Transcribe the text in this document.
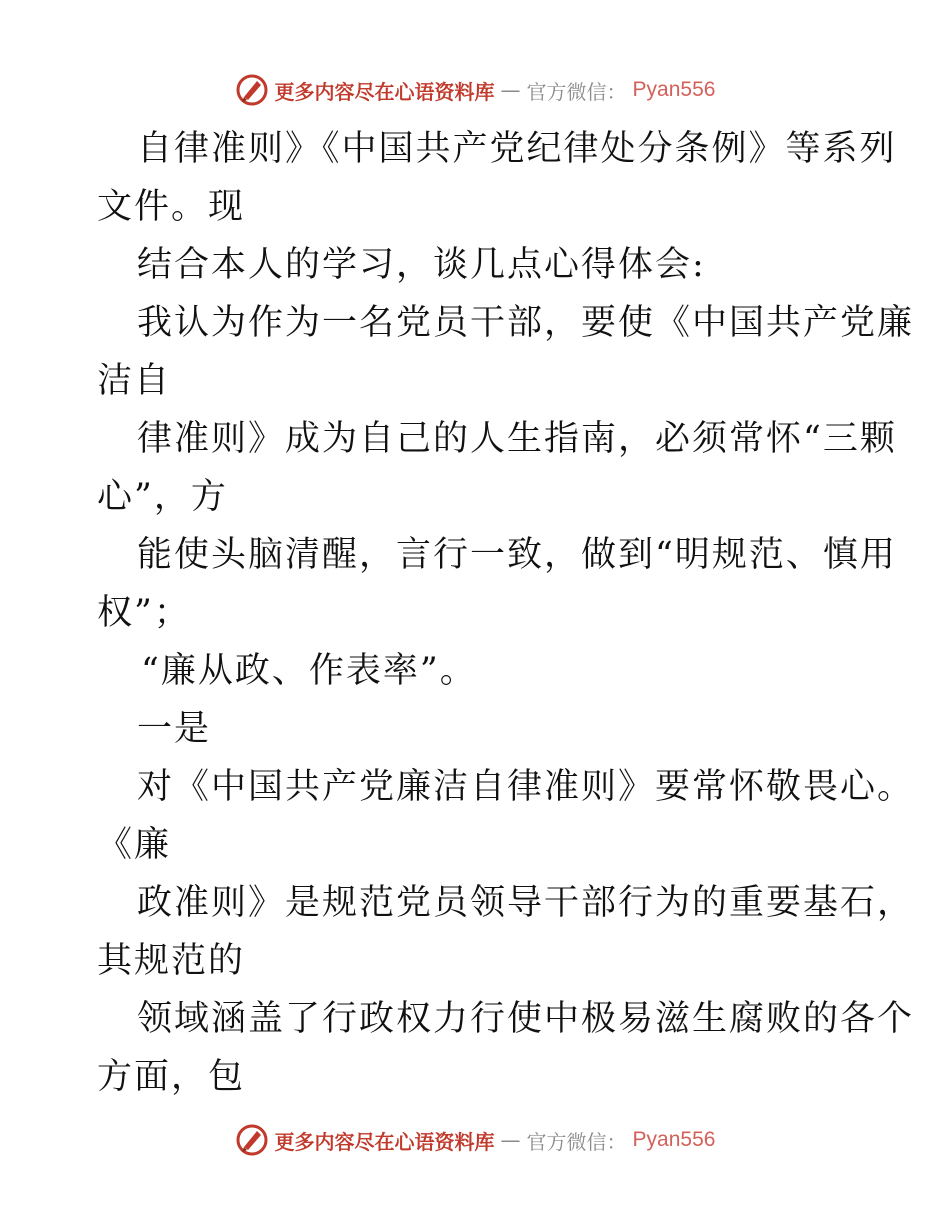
更多内容尽在心语资料库 — 官方微信： Pyan556
自律准则》《中国共产党纪律处分条例》等系列
文件。现
结合本人的学习，谈几点心得体会:
我认为作为一名党员干部，要使《中国共产党廉
洁自
律准则》成为自己的人生指南，必须常怀“三颗
心”，方
能使头脑清醒，言行一致，做到“明规范、慎用
权”；
“廉从政、作表率”。
一是
对《中国共产党廉洁自律准则》要常怀敬畏心。
《廉
政准则》是规范党员领导干部行为的重要基石，
其规范的
领域涵盖了行政权力行使中极易滋生腐败的各个
方面，包
更多内容尽在心语资料库 — 官方微信： Pyan556
